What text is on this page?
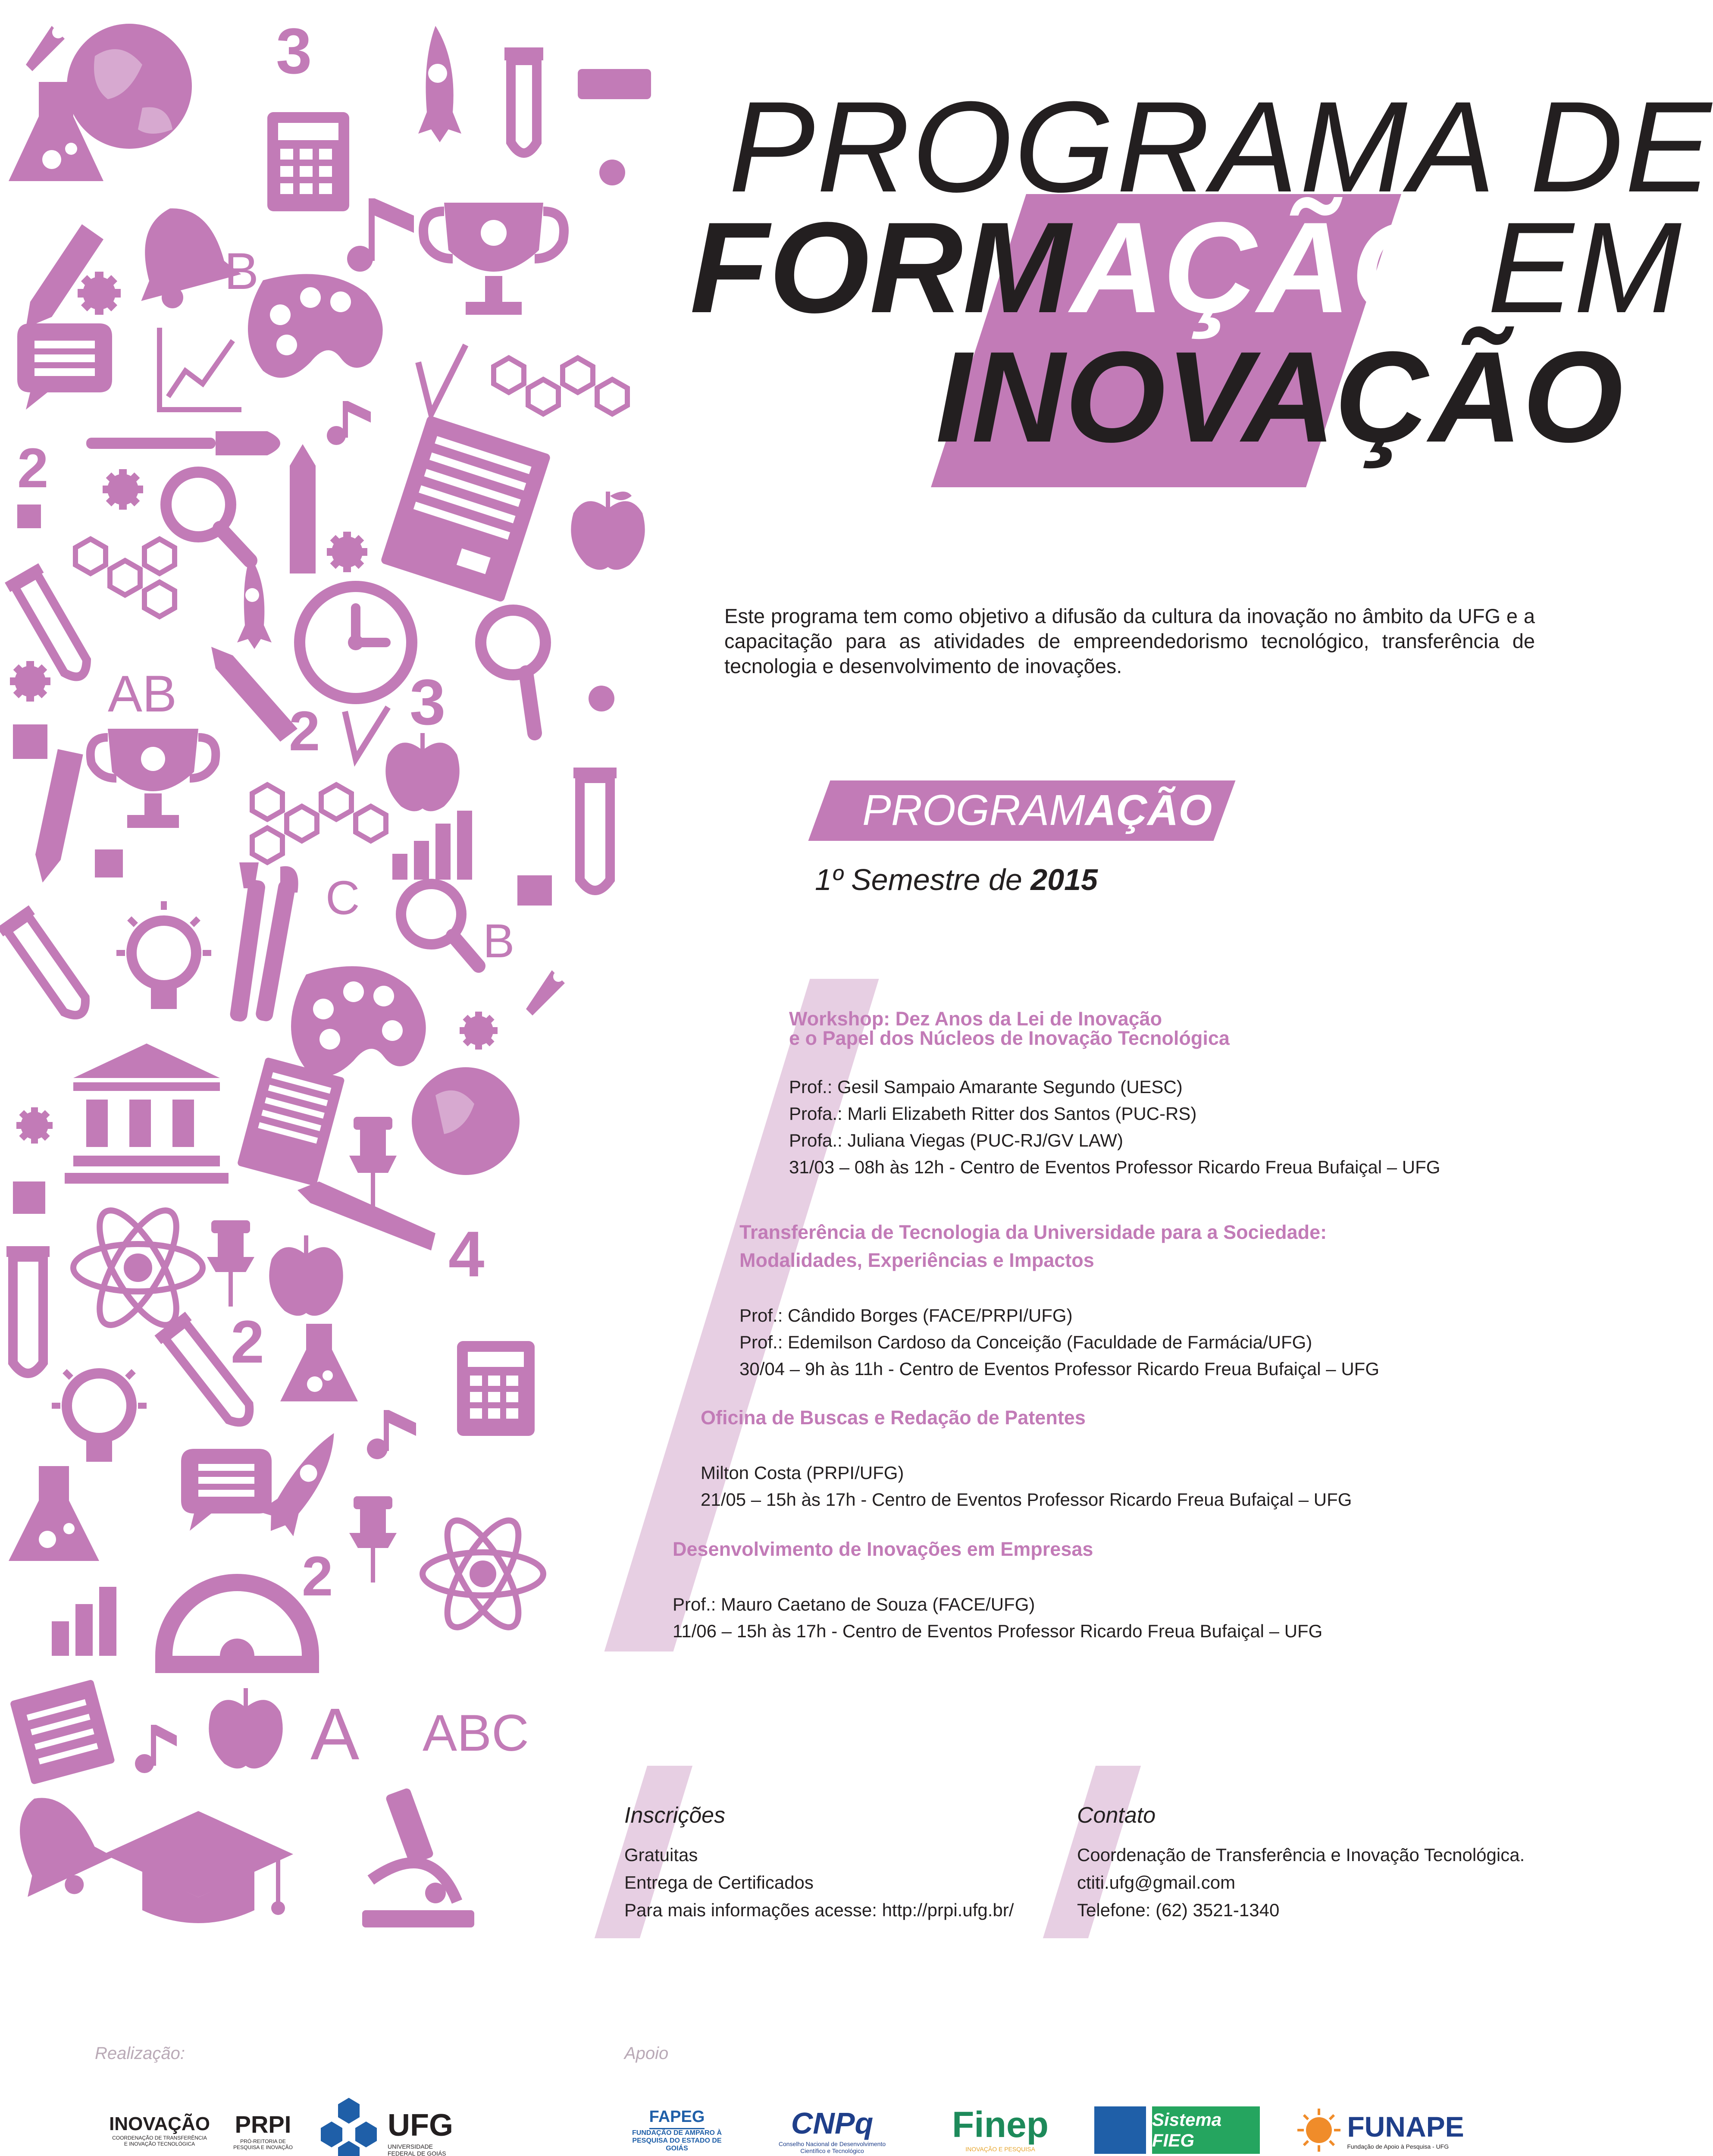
3
B
2
AB
2 3
C
B
4
2
2
A ABC
PROGRAMA DE
FORMAÇÃO EM
INOVAÇÃO
Este programa tem como objetivo a difusão da cultura da inovação no âmbito da UFG e a capacitação para as atividades de empreendedorismo tecnológico, transferência de tecnologia e desenvolvimento de inovações.
PROGRAMAÇÃO
1º Semestre de 2015
Workshop: Dez Anos da Lei de Inovação
e o Papel dos Núcleos de Inovação Tecnológica
Prof.: Gesil Sampaio Amarante Segundo (UESC)
Profa.: Marli Elizabeth Ritter dos Santos (PUC-RS)
Profa.: Juliana Viegas (PUC-RJ/GV LAW)
31/03 – 08h às 12h - Centro de Eventos Professor Ricardo Freua Bufaiçal – UFG
Transferência de Tecnologia da Universidade para a Sociedade:
Modalidades, Experiências e Impactos
Prof.: Cândido Borges (FACE/PRPI/UFG)
Prof.: Edemilson Cardoso da Conceição (Faculdade de Farmácia/UFG)
30/04 – 9h às 11h - Centro de Eventos Professor Ricardo Freua Bufaiçal – UFG
Oficina de Buscas e Redação de Patentes
Milton Costa (PRPI/UFG)
21/05 – 15h às 17h - Centro de Eventos Professor Ricardo Freua Bufaiçal – UFG
Desenvolvimento de Inovações em Empresas
Prof.: Mauro Caetano de Souza (FACE/UFG)
11/06 – 15h às 17h - Centro de Eventos Professor Ricardo Freua Bufaiçal – UFG
Inscrições
Gratuitas
Entrega de Certificados
Para mais informações acesse: http://prpi.ufg.br/
Contato
Coordenação de Transferência e Inovação Tecnológica.
ctiti.ufg@gmail.com
Telefone: (62) 3521-1340
Realização:	Apoio
INOVAÇÃO
COORDENAÇÃO DE TRANSFERÊNCIA E INOVAÇÃO TECNOLÓGICA
PRPI
PRÓ-REITORIA DE PESQUISA E INOVAÇÃO
UFG
UNIVERSIDADE FEDERAL DE GOIÁS
FAPEG
FUNDAÇÃO DE AMPARO À PESQUISA DO ESTADO DE GOIÁS
CNPq
Conselho Nacional de Desenvolvimento Científico e Tecnológico
Finep
INOVAÇÃO E PESQUISA
Sistema FIEG	FUNAPE
Fundação de Apoio à Pesquisa - UFG
